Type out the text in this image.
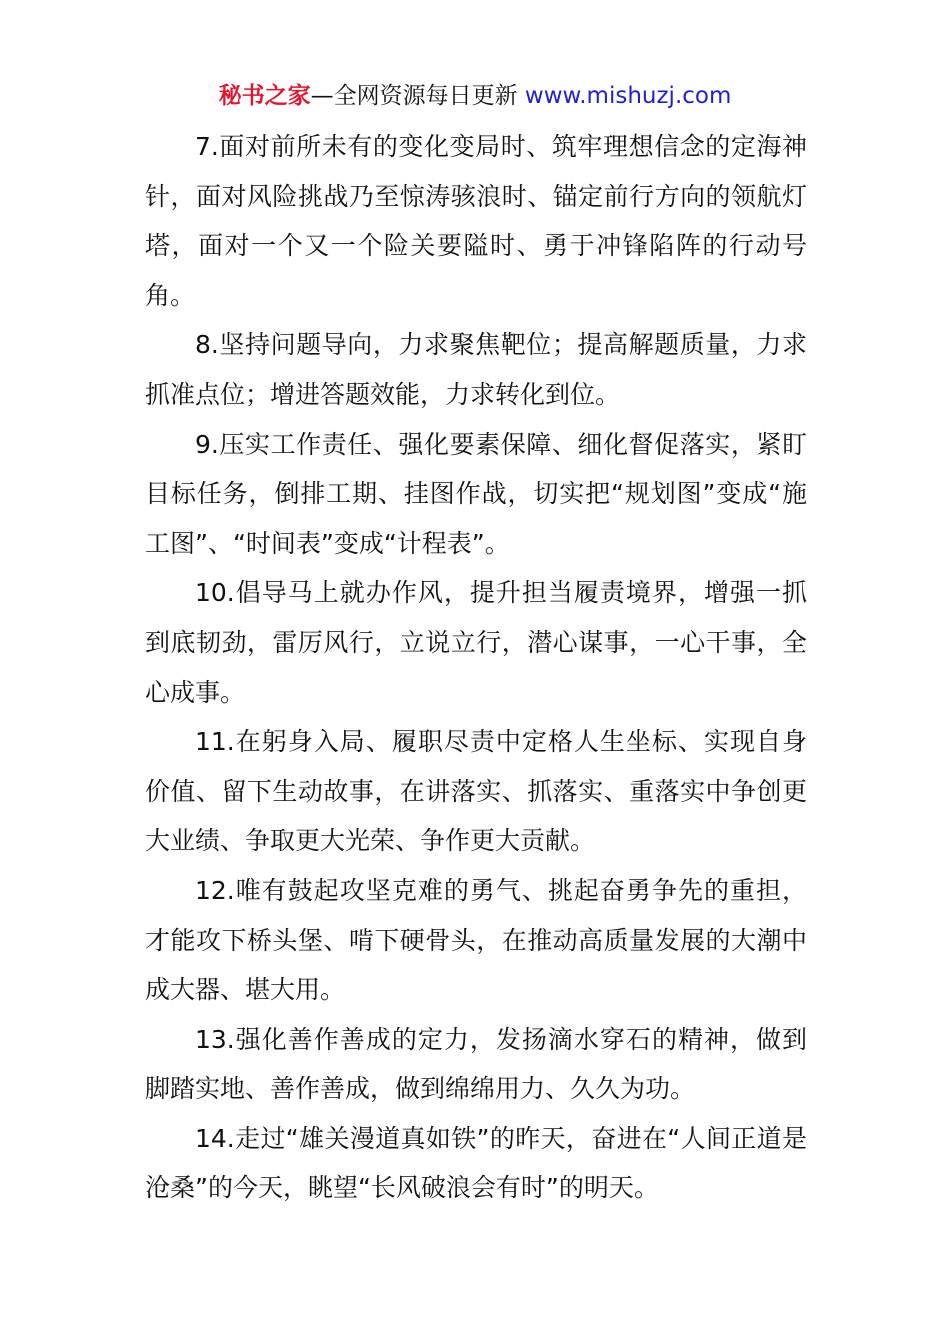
秘书之家—全网资源每日更新 www.mishuzj.com

7.面对前所未有的变化变局时、筑牢理想信念的定海神针，面对风险挑战乃至惊涛骇浪时、锚定前行方向的领航灯塔，面对一个又一个险关要隘时、勇于冲锋陷阵的行动号角。

8.坚持问题导向，力求聚焦靶位；提高解题质量，力求抓准点位；增进答题效能，力求转化到位。

9.压实工作责任、强化要素保障、细化督促落实，紧盯目标任务，倒排工期、挂图作战，切实把“规划图”变成“施工图”、“时间表”变成“计程表”。

10.倡导马上就办作风，提升担当履责境界，增强一抓到底韧劲，雷厉风行，立说立行，潜心谋事，一心干事，全心成事。

11.在躬身入局、履职尽责中定格人生坐标、实现自身价值、留下生动故事，在讲落实、抓落实、重落实中争创更大业绩、争取更大光荣、争作更大贡献。

12.唯有鼓起攻坚克难的勇气、挑起奋勇争先的重担，才能攻下桥头堡、啃下硬骨头，在推动高质量发展的大潮中成大器、堪大用。

13.强化善作善成的定力，发扬滴水穿石的精神，做到脚踏实地、善作善成，做到绵绵用力、久久为功。

14.走过“雄关漫道真如铁”的昨天，奋进在“人间正道是沧桑”的今天，眺望“长风破浪会有时”的明天。
